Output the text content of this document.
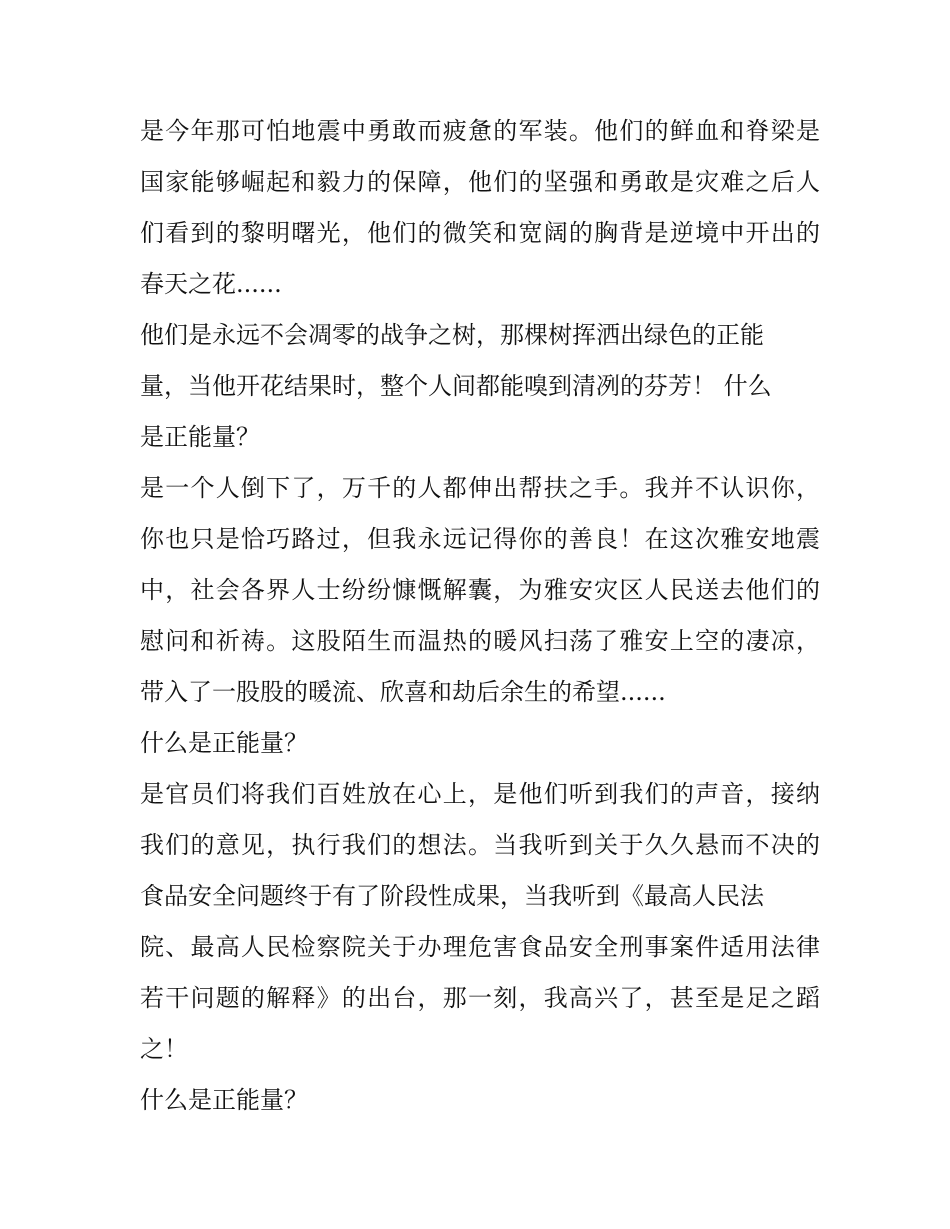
是今年那可怕地震中勇敢而疲惫的军装。他们的鲜血和脊梁是
国家能够崛起和毅力的保障，他们的坚强和勇敢是灾难之后人
们看到的黎明曙光，他们的微笑和宽阔的胸背是逆境中开出的
春天之花......
他们是永远不会凋零的战争之树，那棵树挥洒出绿色的正能
量，当他开花结果时，整个人间都能嗅到清冽的芬芳！ 什么
是正能量？
是一个人倒下了，万千的人都伸出帮扶之手。我并不认识你，
你也只是恰巧路过，但我永远记得你的善良！在这次雅安地震
中，社会各界人士纷纷慷慨解囊，为雅安灾区人民送去他们的
慰问和祈祷。这股陌生而温热的暖风扫荡了雅安上空的凄凉，
带入了一股股的暖流、欣喜和劫后余生的希望......
什么是正能量？
是官员们将我们百姓放在心上，是他们听到我们的声音，接纳
我们的意见，执行我们的想法。当我听到关于久久悬而不决的
食品安全问题终于有了阶段性成果，当我听到《最高人民法
院、最高人民检察院关于办理危害食品安全刑事案件适用法律
若干问题的解释》的出台，那一刻，我高兴了，甚至是足之蹈
之！
什么是正能量？
